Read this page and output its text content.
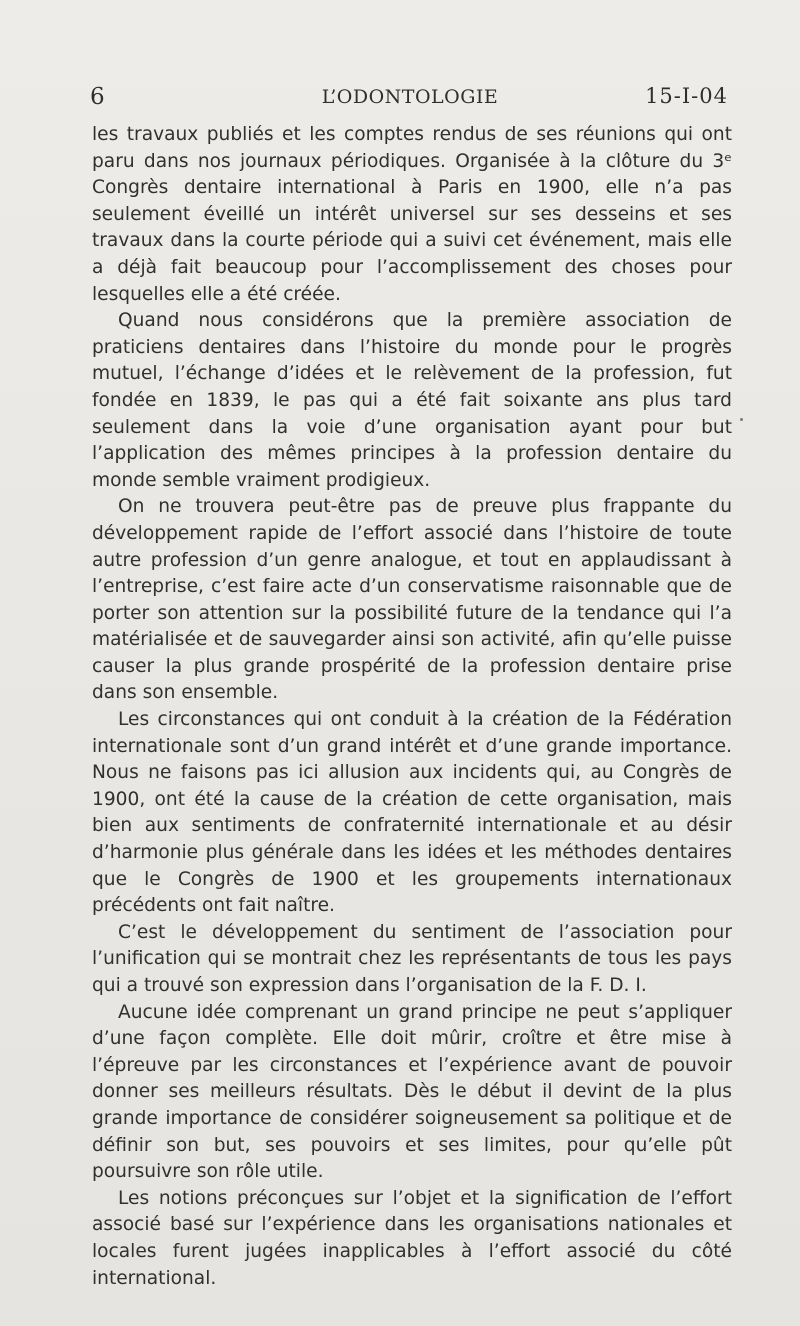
6	L’ODONTOLOGIE	15-I-04

les travaux publiés et les comptes rendus de ses réunions qui ont paru dans nos journaux périodiques. Organisée à la clôture du 3ᵉ Congrès dentaire international à Paris en 1900, elle n’a pas seulement éveillé un intérêt universel sur ses desseins et ses travaux dans la courte période qui a suivi cet événement, mais elle a déjà fait beaucoup pour l’accomplissement des choses pour lesquelles elle a été créée.

Quand nous considérons que la première association de praticiens dentaires dans l’histoire du monde pour le progrès mutuel, l’échange d’idées et le relèvement de la profession, fut fondée en 1839, le pas qui a été fait soixante ans plus tard seulement dans la voie d’une organisation ayant pour but l’application des mêmes principes à la profession dentaire du monde semble vraiment prodigieux.

On ne trouvera peut-être pas de preuve plus frappante du développement rapide de l’effort associé dans l’histoire de toute autre profession d’un genre analogue, et tout en applaudissant à l’entreprise, c’est faire acte d’un conservatisme raisonnable que de porter son attention sur la possibilité future de la tendance qui l’a matérialisée et de sauvegarder ainsi son activité, afin qu’elle puisse causer la plus grande prospérité de la profession dentaire prise dans son ensemble.

Les circonstances qui ont conduit à la création de la Fédération internationale sont d’un grand intérêt et d’une grande importance. Nous ne faisons pas ici allusion aux incidents qui, au Congrès de 1900, ont été la cause de la création de cette organisation, mais bien aux sentiments de confraternité internationale et au désir d’harmonie plus générale dans les idées et les méthodes dentaires que le Congrès de 1900 et les groupements internationaux précédents ont fait naître.

C’est le développement du sentiment de l’association pour l’unification qui se montrait chez les représentants de tous les pays qui a trouvé son expression dans l’organisation de la F. D. I.

Aucune idée comprenant un grand principe ne peut s’appliquer d’une façon complète. Elle doit mûrir, croître et être mise à l’épreuve par les circonstances et l’expérience avant de pouvoir donner ses meilleurs résultats. Dès le début il devint de la plus grande importance de considérer soigneusement sa politique et de définir son but, ses pouvoirs et ses limites, pour qu’elle pût poursuivre son rôle utile.

Les notions préconçues sur l’objet et la signification de l’effort associé basé sur l’expérience dans les organisations nationales et locales furent jugées inapplicables à l’effort associé du côté international.
